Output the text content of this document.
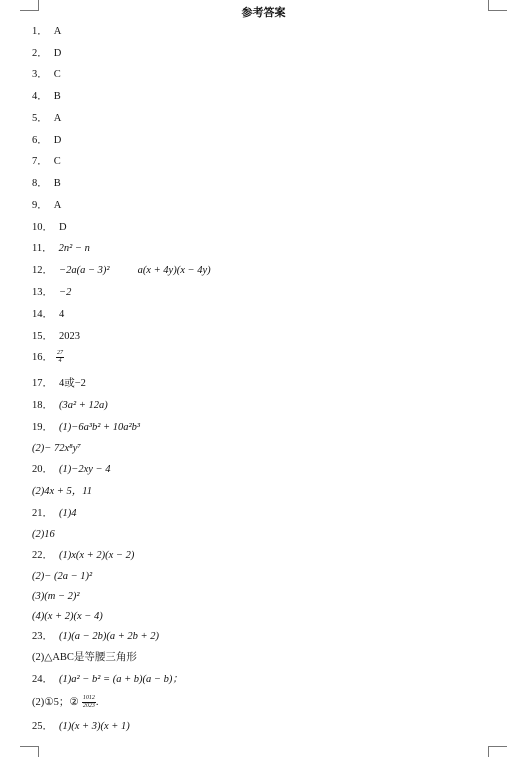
参考答案
1． A
2． D
3． C
4． B
5． A
6． D
7． C
8． B
9． A
10． D
11． 2n² − n
12． −2a(a − 3)²	a(x + 4y)(x − 4y)
13． −2
14． 4
15． 2023
16． $\frac{27}{4}$
17． 4或−2
18． (3a² + 12a)
19． (1)−6a³b² + 10a²b³
(2)− 72x⁸y⁷
20． (1)−2xy − 4
(2)4x + 5，11
21． (1)4
(2)16
22． (1)x(x + 2)(x − 2)
(2)− (2a − 1)²
(3)(m − 2)²
(4)(x + 2)(x − 4)
23． (1)(a − 2b)(a + 2b + 2)
(2)△ABC是等腰三角形
24． (1)a² − b² = (a + b)(a − b)；
(2)①5；② $\frac{1012}{2023}$ .
25． (1)(x + 3)(x + 1)
